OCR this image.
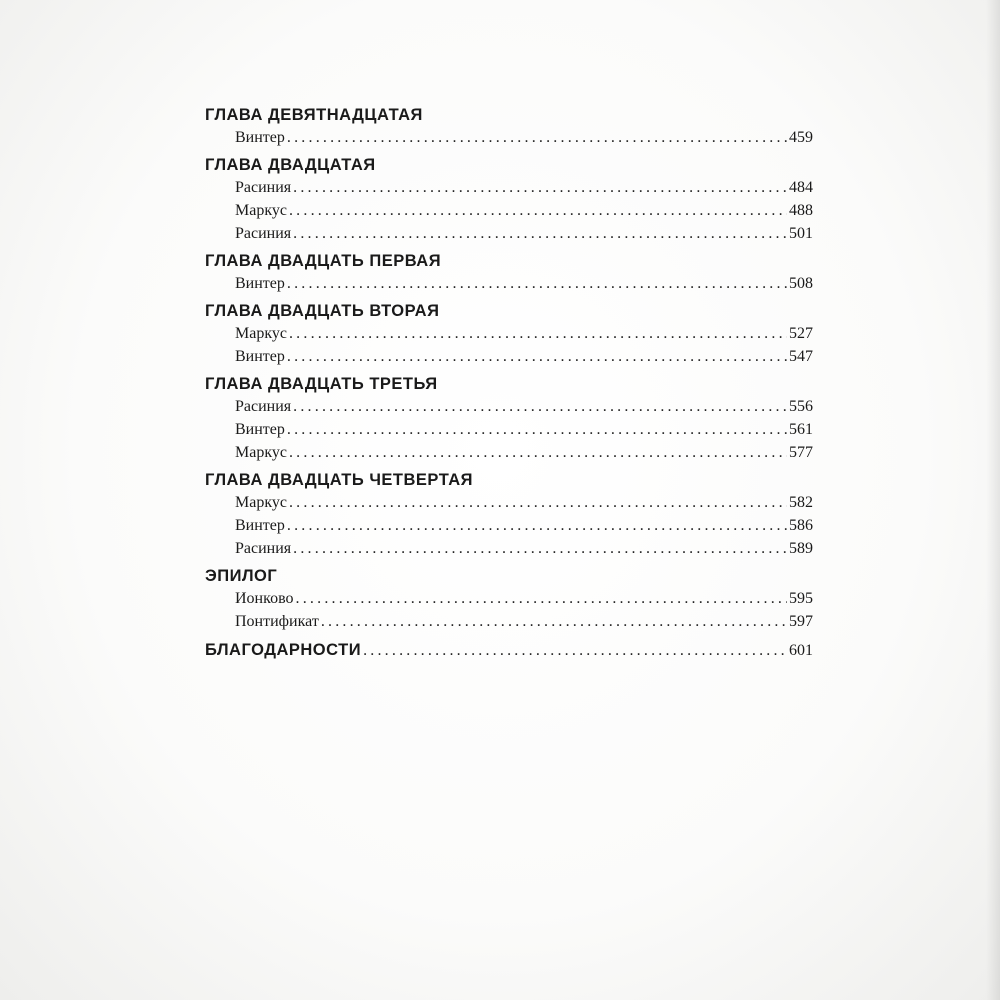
ГЛАВА ДЕВЯТНАДЦАТАЯ
Винтер .....	459
ГЛАВА ДВАДЦАТАЯ
Расиния .....	484
Маркус .....	488
Расиния .....	501
ГЛАВА ДВАДЦАТЬ ПЕРВАЯ
Винтер .....	508
ГЛАВА ДВАДЦАТЬ ВТОРАЯ
Маркус .....	527
Винтер .....	547
ГЛАВА ДВАДЦАТЬ ТРЕТЬЯ
Расиния .....	556
Винтер .....	561
Маркус .....	577
ГЛАВА ДВАДЦАТЬ ЧЕТВЕРТАЯ
Маркус .....	582
Винтер .....	586
Расиния .....	589
ЭПИЛОГ
Ионково .....	595
Понтификат .....	597
БЛАГОДАРНОСТИ .....	601
